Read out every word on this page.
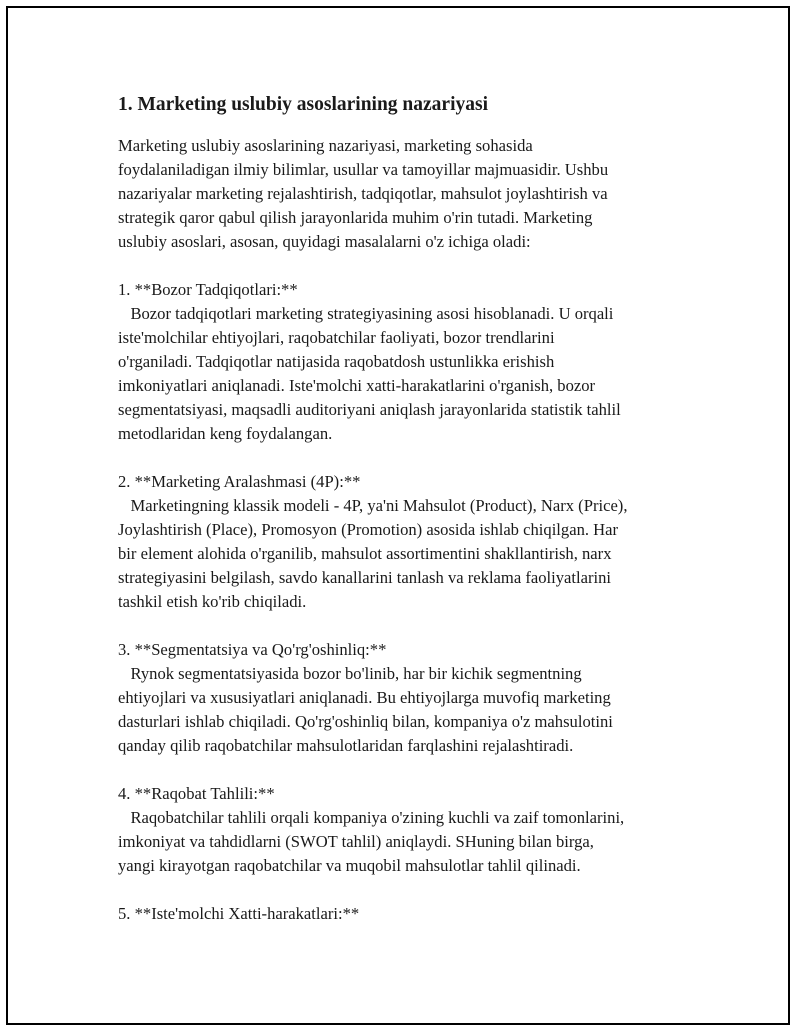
1. Marketing uslubiy asoslarining nazariyasi

Marketing uslubiy asoslarining nazariyasi, marketing sohasida

foydalaniladigan ilmiy bilimlar, usullar va tamoyillar majmuasidir. Ushbu

nazariyalar marketing rejalashtirish, tadqiqotlar, mahsulot joylashtirish va

strategik qaror qabul qilish jarayonlarida muhim o'rin tutadi. Marketing

uslubiy asoslari, asosan, quyidagi masalalarni o'z ichiga oladi:

1. **Bozor Tadqiqotlari:**

Bozor tadqiqotlari marketing strategiyasining asosi hisoblanadi. U orqali

iste'molchilar ehtiyojlari, raqobatchilar faoliyati, bozor trendlarini

o'rganiladi. Tadqiqotlar natijasida raqobatdosh ustunlikka erishish

imkoniyatlari aniqlanadi. Iste'molchi xatti-harakatlarini o'rganish, bozor

segmentatsiyasi, maqsadli auditoriyani aniqlash jarayonlarida statistik tahlil

metodlaridan keng foydalangan.

2. **Marketing Aralashmasi (4P):**

Marketingning klassik modeli - 4P, ya'ni Mahsulot (Product), Narx (Price),

Joylashtirish (Place), Promosyon (Promotion) asosida ishlab chiqilgan. Har

bir element alohida o'rganilib, mahsulot assortimentini shakllantirish, narx

strategiyasini belgilash, savdo kanallarini tanlash va reklama faoliyatlarini

tashkil etish ko'rib chiqiladi.

3. **Segmentatsiya va Qo'rg'oshinliq:**

Rynok segmentatsiyasida bozor bo'linib, har bir kichik segmentning

ehtiyojlari va xususiyatlari aniqlanadi. Bu ehtiyojlarga muvofiq marketing

dasturlari ishlab chiqiladi. Qo'rg'oshinliq bilan, kompaniya o'z mahsulotini

qanday qilib raqobatchilar mahsulotlaridan farqlashini rejalashtiradi.

4. **Raqobat Tahlili:**

Raqobatchilar tahlili orqali kompaniya o'zining kuchli va zaif tomonlarini,

imkoniyat va tahdidlarni (SWOT tahlil) aniqlaydi. SHuning bilan birga,

yangi kirayotgan raqobatchilar va muqobil mahsulotlar tahlil qilinadi.

5. **Iste'molchi Xatti-harakatlari:**
